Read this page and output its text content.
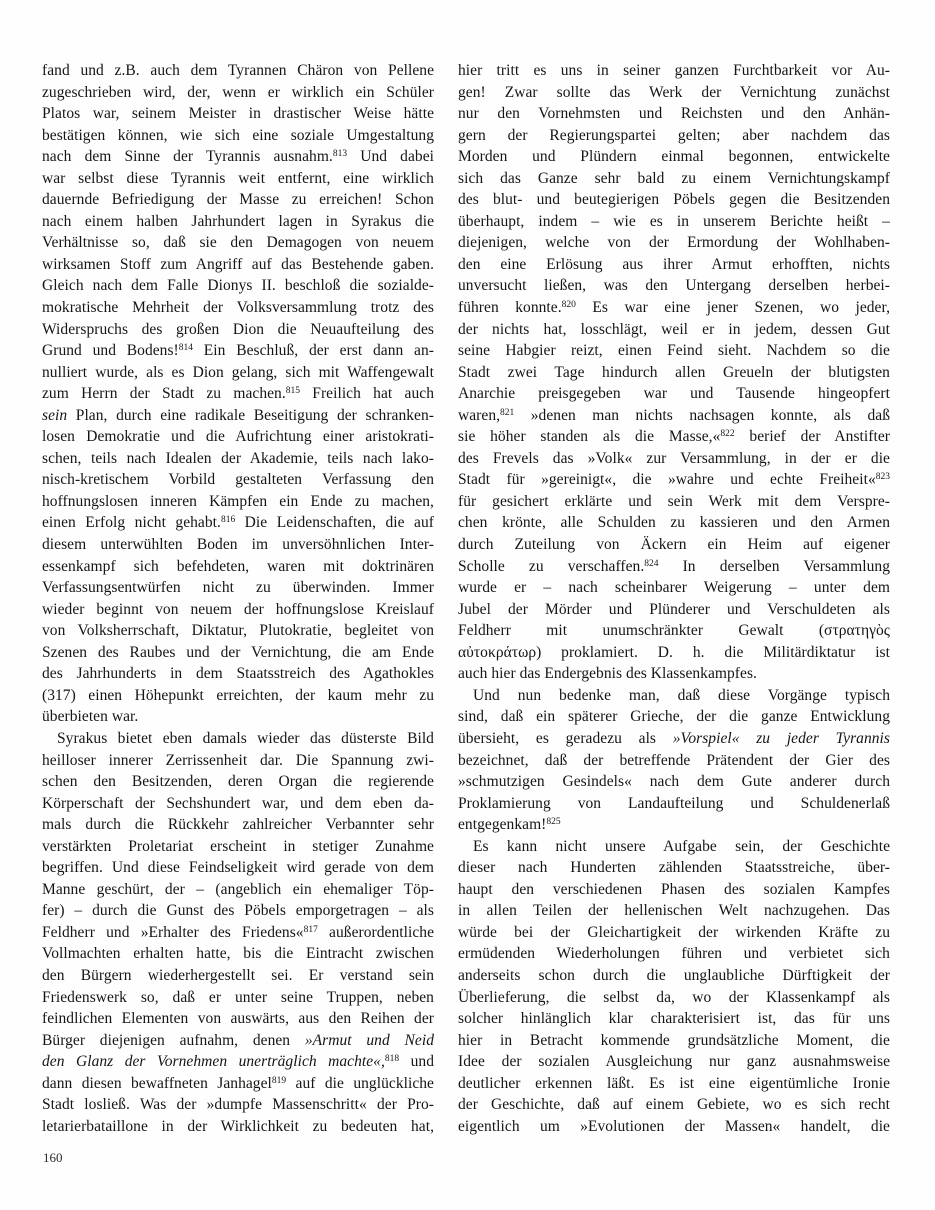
fand und z.B. auch dem Tyrannen Chäron von Pellene
zugeschrieben wird, der, wenn er wirklich ein Schüler
Platos war, seinem Meister in drastischer Weise hätte
bestätigen können, wie sich eine soziale Umgestaltung
nach dem Sinne der Tyrannis ausnahm.$^{813}$ Und dabei
war selbst diese Tyrannis weit entfernt, eine wirklich
dauernde Befriedigung der Masse zu erreichen! Schon
nach einem halben Jahrhundert lagen in Syrakus die
Verhältnisse so, daß sie den Demagogen von neuem
wirksamen Stoff zum Angriff auf das Bestehende gaben.
Gleich nach dem Falle Dionys II. beschloß die sozialde-
mokratische Mehrheit der Volksversammlung trotz des
Widerspruchs des großen Dion die Neuaufteilung des
Grund und Bodens!$^{814}$ Ein Beschluß, der erst dann an-
nulliert wurde, als es Dion gelang, sich mit Waffengewalt
zum Herrn der Stadt zu machen.$^{815}$ Freilich hat auch
sein Plan, durch eine radikale Beseitigung der schranken-
losen Demokratie und die Aufrichtung einer aristokrati-
schen, teils nach Idealen der Akademie, teils nach lako-
nisch-kretischem Vorbild gestalteten Verfassung den
hoffnungslosen inneren Kämpfen ein Ende zu machen,
einen Erfolg nicht gehabt.$^{816}$ Die Leidenschaften, die auf
diesem unterwühlten Boden im unversöhnlichen Inter-
essenkampf sich befehdeten, waren mit doktrinären
Verfassungsentwürfen nicht zu überwinden. Immer
wieder beginnt von neuem der hoffnungslose Kreislauf
von Volksherrschaft, Diktatur, Plutokratie, begleitet von
Szenen des Raubes und der Vernichtung, die am Ende
des Jahrhunderts in dem Staatsstreich des Agathokles
(317) einen Höhepunkt erreichten, der kaum mehr zu
überbieten war.
Syrakus bietet eben damals wieder das düsterste Bild
heilloser innerer Zerrissenheit dar. Die Spannung zwi-
schen den Besitzenden, deren Organ die regierende
Körperschaft der Sechshundert war, und dem eben da-
mals durch die Rückkehr zahlreicher Verbannter sehr
verstärkten Proletariat erscheint in stetiger Zunahme
begriffen. Und diese Feindseligkeit wird gerade von dem
Manne geschürt, der – (angeblich ein ehemaliger Töp-
fer) – durch die Gunst des Pöbels emporgetragen – als
Feldherr und »Erhalter des Friedens«$^{817}$ außerordentliche
Vollmachten erhalten hatte, bis die Eintracht zwischen
den Bürgern wiederhergestellt sei. Er verstand sein
Friedenswerk so, daß er unter seine Truppen, neben
feindlichen Elementen von auswärts, aus den Reihen der
Bürger diejenigen aufnahm, denen »Armut und Neid
den Glanz der Vornehmen unerträglich machte«,$^{818}$ und
dann diesen bewaffneten Janhagel$^{819}$ auf die unglückliche
Stadt losließ. Was der »dumpfe Massenschritt« der Pro-
letarierbataillone in der Wirklichkeit zu bedeuten hat,
hier tritt es uns in seiner ganzen Furchtbarkeit vor Au-
gen! Zwar sollte das Werk der Vernichtung zunächst
nur den Vornehmsten und Reichsten und den Anhän-
gern der Regierungspartei gelten; aber nachdem das
Morden und Plündern einmal begonnen, entwickelte
sich das Ganze sehr bald zu einem Vernichtungskampf
des blut- und beutegierigen Pöbels gegen die Besitzenden
überhaupt, indem – wie es in unserem Berichte heißt –
diejenigen, welche von der Ermordung der Wohlhaben-
den eine Erlösung aus ihrer Armut erhofften, nichts
unversucht ließen, was den Untergang derselben herbei-
führen konnte.$^{820}$ Es war eine jener Szenen, wo jeder,
der nichts hat, losschlägt, weil er in jedem, dessen Gut
seine Habgier reizt, einen Feind sieht. Nachdem so die
Stadt zwei Tage hindurch allen Greueln der blutigsten
Anarchie preisgegeben war und Tausende hingeopfert
waren,$^{821}$ »denen man nichts nachsagen konnte, als daß
sie höher standen als die Masse,«$^{822}$ berief der Anstifter
des Frevels das »Volk« zur Versammlung, in der er die
Stadt für »gereinigt«, die »wahre und echte Freiheit«$^{823}$
für gesichert erklärte und sein Werk mit dem Verspre-
chen krönte, alle Schulden zu kassieren und den Armen
durch Zuteilung von Äckern ein Heim auf eigener
Scholle zu verschaffen.$^{824}$ In derselben Versammlung
wurde er – nach scheinbarer Weigerung – unter dem
Jubel der Mörder und Plünderer und Verschuldeten als
Feldherr mit unumschränkter Gewalt (στρατηγὸς
αὐτοκράτωρ) proklamiert. D. h. die Militärdiktatur ist
auch hier das Endergebnis des Klassenkampfes.
Und nun bedenke man, daß diese Vorgänge typisch
sind, daß ein späterer Grieche, der die ganze Entwicklung
übersieht, es geradezu als »Vorspiel« zu jeder Tyrannis
bezeichnet, daß der betreffende Prätendent der Gier des
»schmutzigen Gesindels« nach dem Gute anderer durch
Proklamierung von Landaufteilung und Schuldenerlaß
entgegenkam!$^{825}$
Es kann nicht unsere Aufgabe sein, der Geschichte
dieser nach Hunderten zählenden Staatsstreiche, über-
haupt den verschiedenen Phasen des sozialen Kampfes
in allen Teilen der hellenischen Welt nachzugehen. Das
würde bei der Gleichartigkeit der wirkenden Kräfte zu
ermüdenden Wiederholungen führen und verbietet sich
anderseits schon durch die unglaubliche Dürftigkeit der
Überlieferung, die selbst da, wo der Klassenkampf als
solcher hinlänglich klar charakterisiert ist, das für uns
hier in Betracht kommende grundsätzliche Moment, die
Idee der sozialen Ausgleichung nur ganz ausnahmsweise
deutlicher erkennen läßt. Es ist eine eigentümliche Ironie
der Geschichte, daß auf einem Gebiete, wo es sich recht
eigentlich um »Evolutionen der Massen« handelt, die
160
